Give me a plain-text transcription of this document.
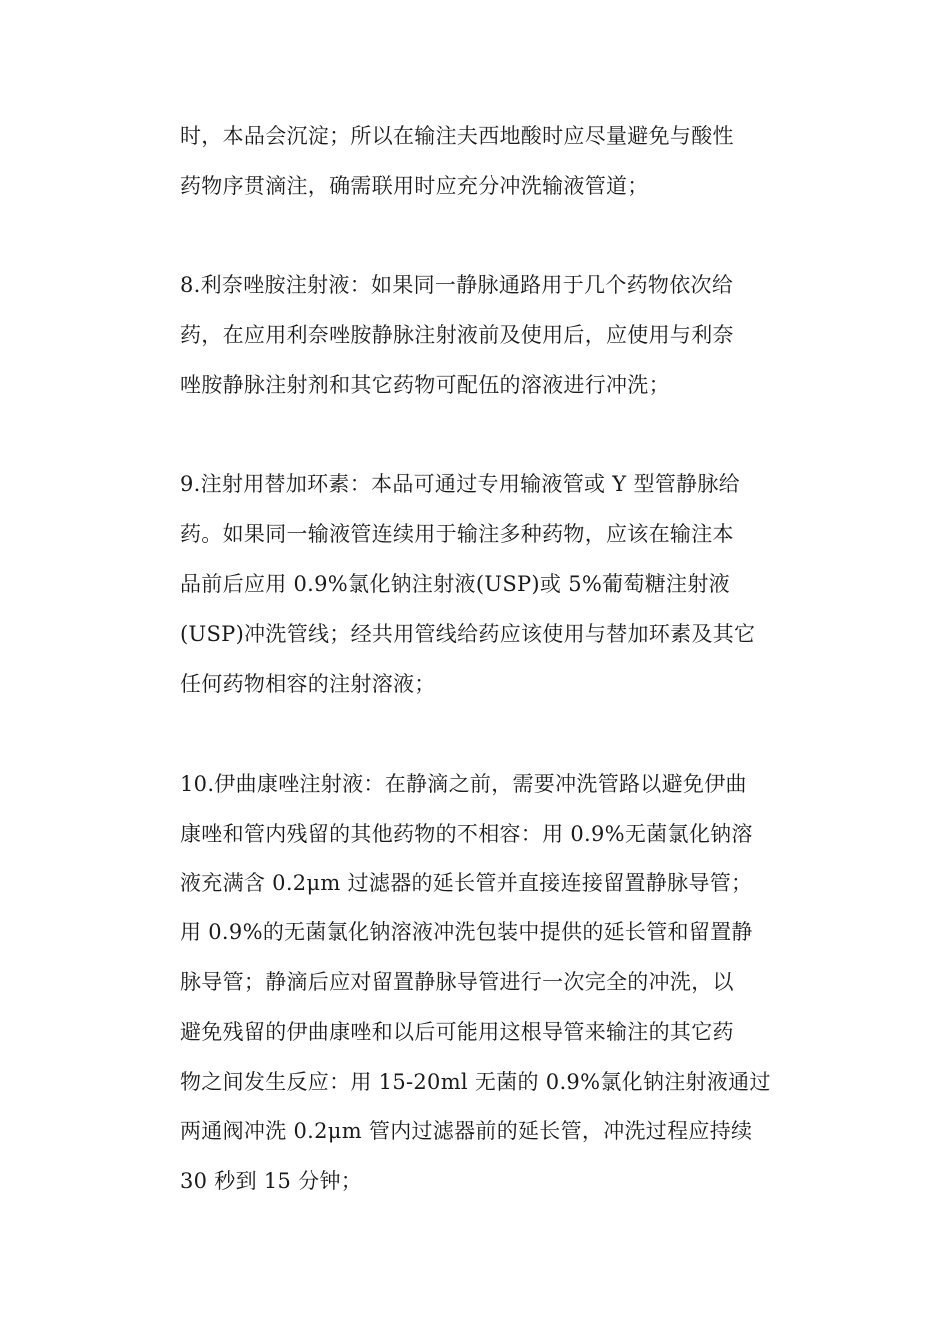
时，本品会沉淀；所以在输注夫西地酸时应尽量避免与酸性
药物序贯滴注，确需联用时应充分冲洗输液管道；
8.利奈唑胺注射液：如果同一静脉通路用于几个药物依次给
药，在应用利奈唑胺静脉注射液前及使用后，应使用与利奈
唑胺静脉注射剂和其它药物可配伍的溶液进行冲洗；
9.注射用替加环素：本品可通过专用输液管或 Y 型管静脉给
药。如果同一输液管连续用于输注多种药物，应该在输注本
品前后应用 0.9%氯化钠注射液(USP)或 5%葡萄糖注射液
(USP)冲洗管线；经共用管线给药应该使用与替加环素及其它
任何药物相容的注射溶液；
10.伊曲康唑注射液：在静滴之前，需要冲洗管路以避免伊曲
康唑和管内残留的其他药物的不相容：用 0.9%无菌氯化钠溶
液充满含 0.2μm 过滤器的延长管并直接连接留置静脉导管；
用 0.9%的无菌氯化钠溶液冲洗包装中提供的延长管和留置静
脉导管；静滴后应对留置静脉导管进行一次完全的冲洗，以
避免残留的伊曲康唑和以后可能用这根导管来输注的其它药
物之间发生反应：用 15-20ml 无菌的 0.9%氯化钠注射液通过
两通阀冲洗 0.2μm 管内过滤器前的延长管，冲洗过程应持续
30 秒到 15 分钟；
